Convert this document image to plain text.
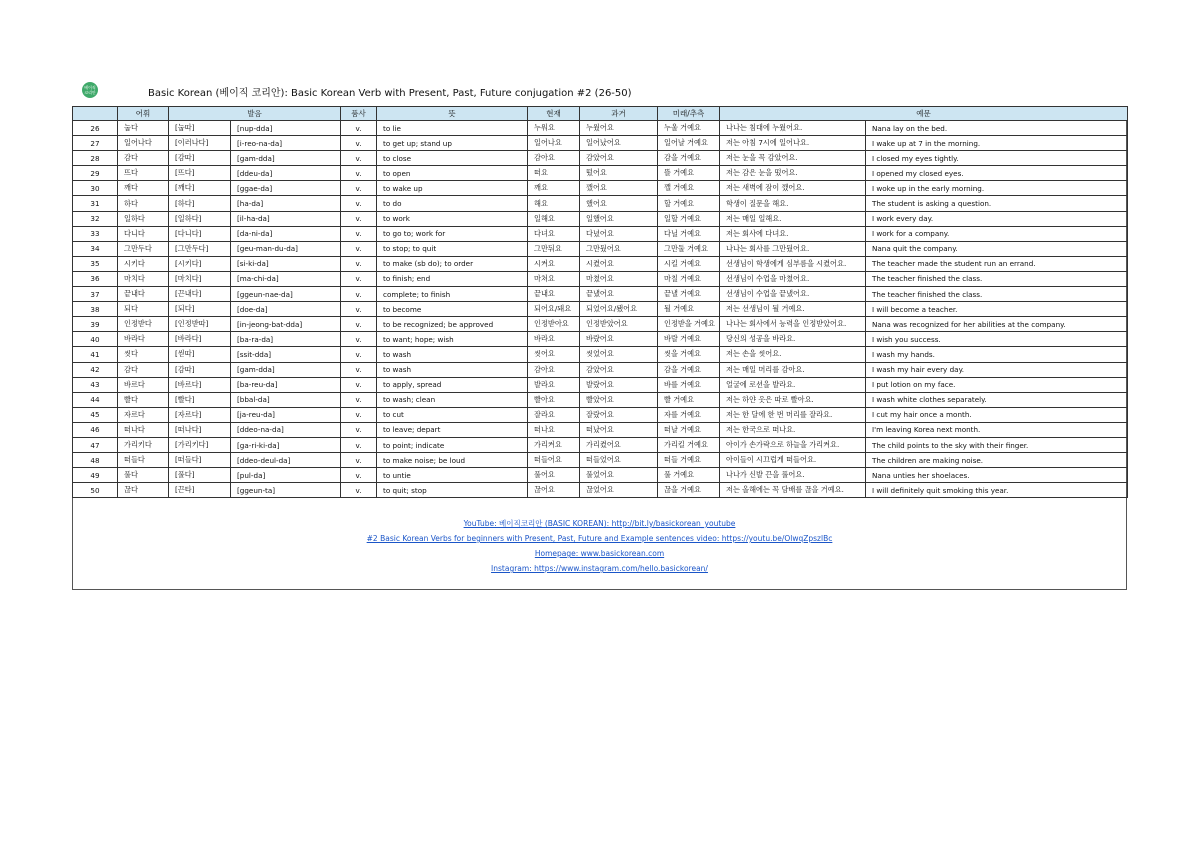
베이직 코리안	Basic Korean (베이직 코리안): Basic Korean Verb with Present, Past, Future conjugation #2 (26-50)
	어휘	발음		품사	뜻	현재	과거	미래/추측	예문	
26	눕다	[눕따]	[nup-dda]	v.	to lie	누워요	누웠어요	누울 거예요	나나는 침대에 누웠어요.	Nana lay on the bed.
27	일어나다	[이러나다]	[i-reo-na-da]	v.	to get up; stand up	일어나요	일어났어요	일어날 거예요	저는 아침 7시에 일어나요.	I wake up at 7 in the morning.
28	감다	[감따]	[gam-dda]	v.	to close	감아요	감았어요	감을 거예요	저는 눈을 꼭 감았어요.	I closed my eyes tightly.
29	뜨다	[뜨다]	[ddeu-da]	v.	to open	떠요	떴어요	뜰 거예요	저는 감은 눈을 떴어요.	I opened my closed eyes.
30	깨다	[깨다]	[ggae-da]	v.	to wake up	깨요	깼어요	깰 거예요	저는 새벽에 잠이 깼어요.	I woke up in the early morning.
31	하다	[하다]	[ha-da]	v.	to do	해요	했어요	할 거예요	학생이 질문을 해요.	The student is asking a question.
32	일하다	[일하다]	[il-ha-da]	v.	to work	일해요	일했어요	일할 거예요	저는 매일 일해요.	I work every day.
33	다니다	[다니다]	[da-ni-da]	v.	to go to; work for	다녀요	다녔어요	다닐 거예요	저는 회사에 다녀요.	I work for a company.
34	그만두다	[그만두다]	[geu-man-du-da]	v.	to stop; to quit	그만둬요	그만뒀어요	그만둘 거예요	나나는 회사를 그만뒀어요.	Nana quit the company.
35	시키다	[시키다]	[si-ki-da]	v.	to make (sb do); to order	시켜요	시켰어요	시킬 거예요	선생님이 학생에게 심부름을 시켰어요.	The teacher made the student run an errand.
36	마치다	[마치다]	[ma-chi-da]	v.	to finish; end	마쳐요	마쳤어요	마칠 거예요	선생님이 수업을 마쳤어요.	The teacher finished the class.
37	끝내다	[끈내다]	[ggeun-nae-da]	v.	complete; to finish	끝내요	끝냈어요	끝낼 거예요	선생님이 수업을 끝냈어요.	The teacher finished the class.
38	되다	[되다]	[doe-da]	v.	to become	되어요/돼요	되었어요/됐어요	될 거예요	저는 선생님이 될 거예요.	I will become a teacher.
39	인정받다	[인정받따]	[in-jeong-bat-dda]	v.	to be recognized; be approved	인정받아요	인정받았어요	인정받을 거예요	나나는 회사에서 능력을 인정받았어요.	Nana was recognized for her abilities at the company.
40	바라다	[바라다]	[ba-ra-da]	v.	to want; hope; wish	바라요	바랐어요	바랄 거예요	당신의 성공을 바라요.	I wish you success.
41	씻다	[씯따]	[ssit-dda]	v.	to wash	씻어요	씻었어요	씻을 거예요	저는 손을 씻어요.	I wash my hands.
42	감다	[감따]	[gam-dda]	v.	to wash	감아요	감았어요	감을 거예요	저는 매일 머리를 감아요.	I wash my hair every day.
43	바르다	[바르다]	[ba-reu-da]	v.	to apply, spread	발라요	발랐어요	바를 거예요	얼굴에 로션을 발라요.	I put lotion on my face.
44	빨다	[빨다]	[bbal-da]	v.	to wash; clean	빨아요	빨았어요	빨 거예요	저는 하얀 옷은 따로 빨아요.	I wash white clothes separately.
45	자르다	[자르다]	[ja-reu-da]	v.	to cut	잘라요	잘랐어요	자를 거예요	저는 한 달에 한 번 머리를 잘라요.	I cut my hair once a month.
46	떠나다	[떠나다]	[ddeo-na-da]	v.	to leave; depart	떠나요	떠났어요	떠날 거예요	저는 한국으로 떠나요.	I'm leaving Korea next month.
47	가리키다	[가리키다]	[ga-ri-ki-da]	v.	to point; indicate	가리켜요	가리켰어요	가리킬 거예요	아이가 손가락으로 하늘을 가리켜요.	The child points to the sky with their finger.
48	떠들다	[떠들다]	[ddeo-deul-da]	v.	to make noise; be loud	떠들어요	떠들었어요	떠들 거예요	아이들이 시끄럽게 떠들어요.	The children are making noise.
49	풀다	[풀다]	[pul-da]	v.	to untie	풀어요	풀었어요	풀 거예요	나나가 신발 끈을 풀어요.	Nana unties her shoelaces.
50	끊다	[끈타]	[ggeun-ta]	v.	to quit; stop	끊어요	끊었어요	끊을 거예요	저는 올해에는 꼭 담배를 끊을 거예요.	I will definitely quit smoking this year.
YouTube: 베이직코리안 (BASIC KOREAN): http://bit.ly/basickorean_youtube
#2 Basic Korean Verbs for beginners with Present, Past, Future and Example sentences video: https://youtu.be/OlwqZpszlBc
Homepage: www.basickorean.com
Instagram: https://www.instagram.com/hello.basickorean/
